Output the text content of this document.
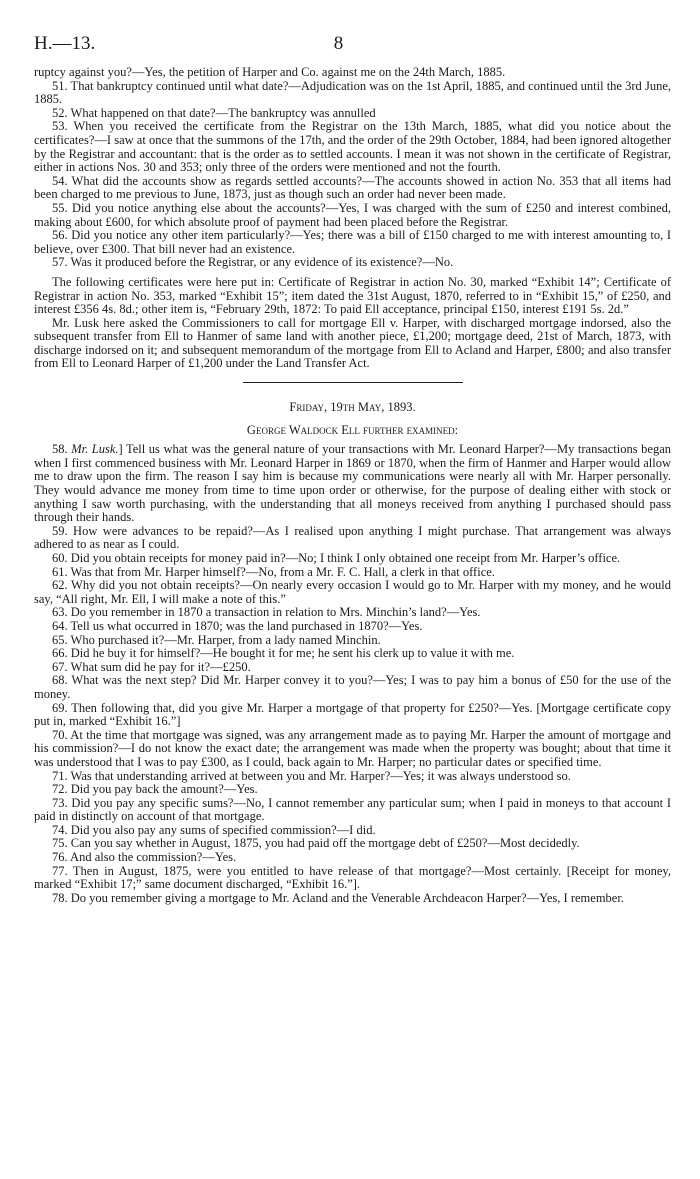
H.—13.	8

ruptcy against you?—Yes, the petition of Harper and Co. against me on the 24th March, 1885.

51. That bankruptcy continued until what date?—Adjudication was on the 1st April, 1885, and continued until the 3rd June, 1885.

52. What happened on that date?—The bankruptcy was annulled

53. When you received the certificate from the Registrar on the 13th March, 1885, what did you notice about the certificates?—I saw at once that the summons of the 17th, and the order of the 29th October, 1884, had been ignored altogether by the Registrar and accountant: that is the order as to settled accounts. I mean it was not shown in the certificate of Registrar, either in actions Nos. 30 and 353; only three of the orders were mentioned and not the fourth.

54. What did the accounts show as regards settled accounts?—The accounts showed in action No. 353 that all items had been charged to me previous to June, 1873, just as though such an order had never been made.

55. Did you notice anything else about the accounts?—Yes, I was charged with the sum of £250 and interest combined, making about £600, for which absolute proof of payment had been placed before the Registrar.

56. Did you notice any other item particularly?—Yes; there was a bill of £150 charged to me with interest amounting to, I believe, over £300. That bill never had an existence.

57. Was it produced before the Registrar, or any evidence of its existence?—No.

The following certificates were here put in: Certificate of Registrar in action No. 30, marked “Exhibit 14”; Certificate of Registrar in action No. 353, marked “Exhibit 15”; item dated the 31st August, 1870, referred to in “Exhibit 15,” of £250, and interest £356 4s. 8d.; other item is, “February 29th, 1872: To paid Ell acceptance, principal £150, interest £191 5s. 2d.”

Mr. Lusk here asked the Commissioners to call for mortgage Ell v. Harper, with discharged mortgage indorsed, also the subsequent transfer from Ell to Hanmer of same land with another piece, £1,200; mortgage deed, 21st of March, 1873, with discharge indorsed on it; and subsequent memorandum of the mortgage from Ell to Acland and Harper, £800; and also transfer from Ell to Leonard Harper of £1,200 under the Land Transfer Act.

Friday, 19th May, 1893.
George Waldock Ell further examined:

58. Mr. Lusk.] Tell us what was the general nature of your transactions with Mr. Leonard Harper?—My transactions began when I first commenced business with Mr. Leonard Harper in 1869 or 1870, when the firm of Hanmer and Harper would allow me to draw upon the firm. The reason I say him is because my communications were nearly all with Mr. Harper personally. They would advance me money from time to time upon order or otherwise, for the purpose of dealing either with stock or anything I saw worth purchasing, with the understanding that all moneys received from anything I purchased should pass through their hands.

59. How were advances to be repaid?—As I realised upon anything I might purchase. That arrangement was always adhered to as near as I could.

60. Did you obtain receipts for money paid in?—No; I think I only obtained one receipt from Mr. Harper’s office.

61. Was that from Mr. Harper himself?—No, from a Mr. F. C. Hall, a clerk in that office.

62. Why did you not obtain receipts?—On nearly every occasion I would go to Mr. Harper with my money, and he would say, “All right, Mr. Ell, I will make a note of this.”

63. Do you remember in 1870 a transaction in relation to Mrs. Minchin’s land?—Yes.

64. Tell us what occurred in 1870; was the land purchased in 1870?—Yes.

65. Who purchased it?—Mr. Harper, from a lady named Minchin.

66. Did he buy it for himself?—He bought it for me; he sent his clerk up to value it with me.

67. What sum did he pay for it?—£250.

68. What was the next step? Did Mr. Harper convey it to you?—Yes; I was to pay him a bonus of £50 for the use of the money.

69. Then following that, did you give Mr. Harper a mortgage of that property for £250?—Yes. [Mortgage certificate copy put in, marked “Exhibit 16.”]

70. At the time that mortgage was signed, was any arrangement made as to paying Mr. Harper the amount of mortgage and his commission?—I do not know the exact date; the arrangement was made when the property was bought; about that time it was understood that I was to pay £300, as I could, back again to Mr. Harper; no particular dates or specified time.

71. Was that understanding arrived at between you and Mr. Harper?—Yes; it was always understood so.

72. Did you pay back the amount?—Yes.

73. Did you pay any specific sums?—No, I cannot remember any particular sum; when I paid in moneys to that account I paid in distinctly on account of that mortgage.

74. Did you also pay any sums of specified commission?—I did.

75. Can you say whether in August, 1875, you had paid off the mortgage debt of £250?—Most decidedly.

76. And also the commission?—Yes.

77. Then in August, 1875, were you entitled to have release of that mortgage?—Most certainly. [Receipt for money, marked “Exhibit 17;” same document discharged, “Exhibit 16.”].

78. Do you remember giving a mortgage to Mr. Acland and the Venerable Archdeacon Harper?—Yes, I remember.
